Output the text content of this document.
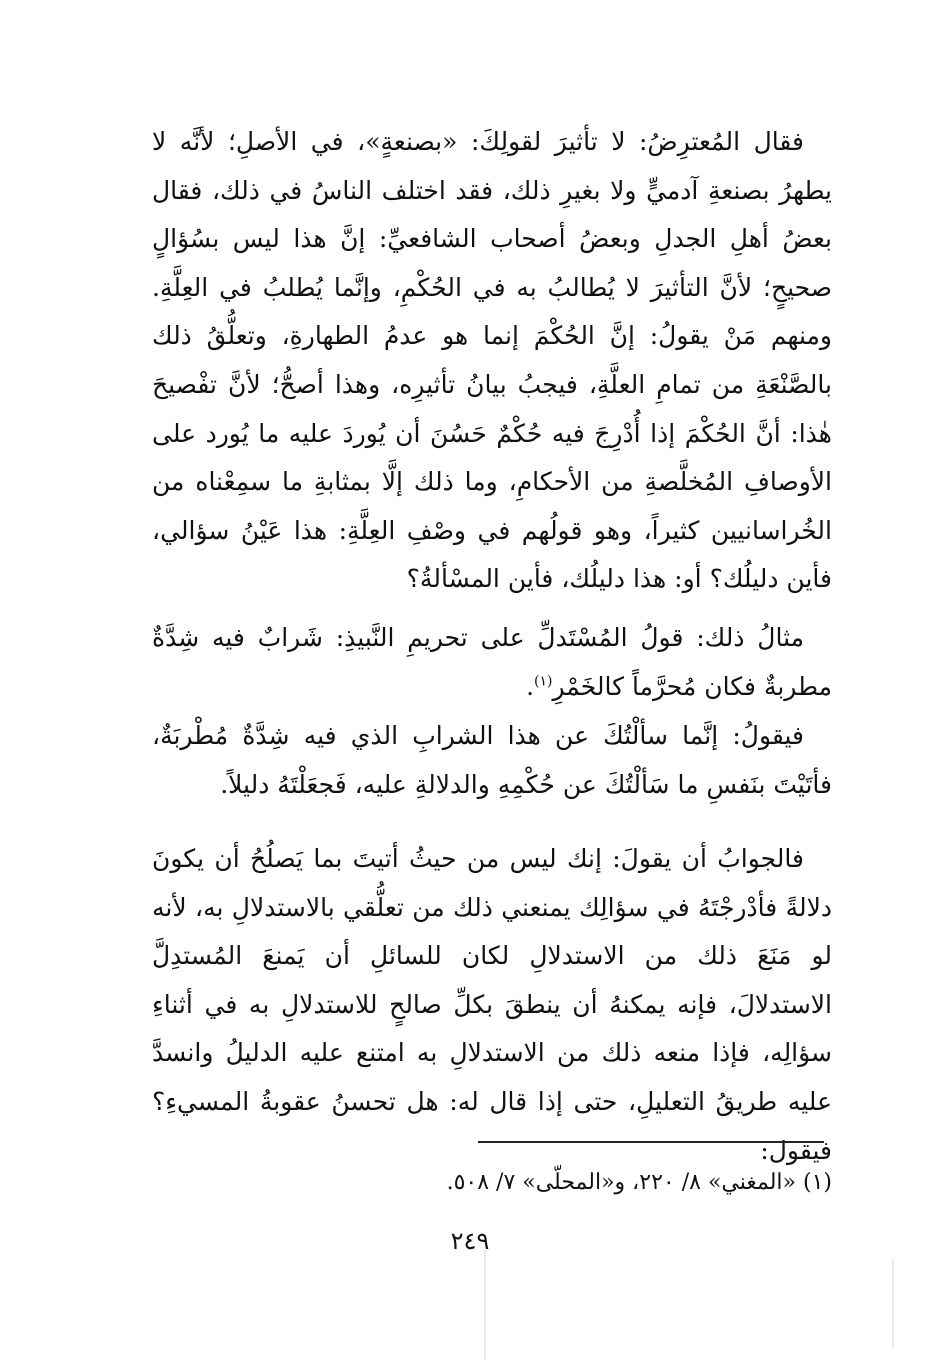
فقال المُعترِضُ: لا تأثيرَ لقولِكَ: «بصنعةٍ»، في الأصلِ؛ لأنَّه لا يطهرُ بصنعةِ آدميٍّ ولا بغيرِ ذلك، فقد اختلف الناسُ في ذلك، فقال بعضُ أهلِ الجدلِ وبعضُ أصحاب الشافعيِّ: إنَّ هذا ليس بسُؤالٍ صحيحٍ؛ لأنَّ التأثيرَ لا يُطالبُ به في الحُكْمِ، وإنَّما يُطلبُ في العِلَّةِ. ومنهم مَنْ يقولُ: إنَّ الحُكْمَ إنما هو عدمُ الطهارةِ، وتعلُّقُ ذلك بالصَّنْعَةِ من تمامِ العلَّةِ، فيجبُ بيانُ تأثيرِه، وهذا أصحُّ؛ لأنَّ تفْصيحَ هٰذا: أنَّ الحُكْمَ إذا أُدْرِجَ فيه حُكْمٌ حَسُنَ أن يُوردَ عليه ما يُورد على الأوصافِ المُخلَّصةِ من الأحكامِ، وما ذلك إلَّا بمثابةِ ما سمِعْناه من الخُراسانيين كثيراً، وهو قولُهم في وصْفِ العِلَّةِ: هذا عَيْنُ سؤالي، فأين دليلُك؟ أو: هذا دليلُك، فأين المسْألةُ؟

مثالُ ذلك: قولُ المُسْتَدلِّ على تحريمِ النَّبيذِ: شَرابٌ فيه شِدَّةٌ مطربةٌ فكان مُحرَّماً كالخَمْرِ$^{(١)}$.

فيقولُ: إنَّما سألْتُكَ عن هذا الشرابِ الذي فيه شِدَّةٌ مُطْربَةٌ، فأتَيْتَ بنَفسِ ما سَألْتُكَ عن حُكْمِهِ والدلالةِ عليه، فَجعَلْتَهُ دليلاً.

فالجوابُ أن يقولَ: إنك ليس من حيثُ أتيتَ بما يَصلُحُ أن يكونَ دلالةً فأدْرجْتَهُ في سؤالِك يمنعني ذلك من تعلُّقي بالاستدلالِ به، لأنه لو مَنَعَ ذلك من الاستدلالِ لكان للسائلِ أن يَمنعَ المُستدِلَّ الاستدلالَ، فإنه يمكنهُ أن ينطقَ بكلِّ صالحٍ للاستدلالِ به في أثناءِ سؤالِه، فإذا منعه ذلك من الاستدلالِ به امتنع عليه الدليلُ وانسدَّ عليه طريقُ التعليلِ، حتى إذا قال له: هل تحسنُ عقوبةُ المسيءِ؟ فيقول:

(١) «المغني» ٨/ ٢٢٠، و«المحلّى» ٧/ ٥٠٨.
٢٤٩
